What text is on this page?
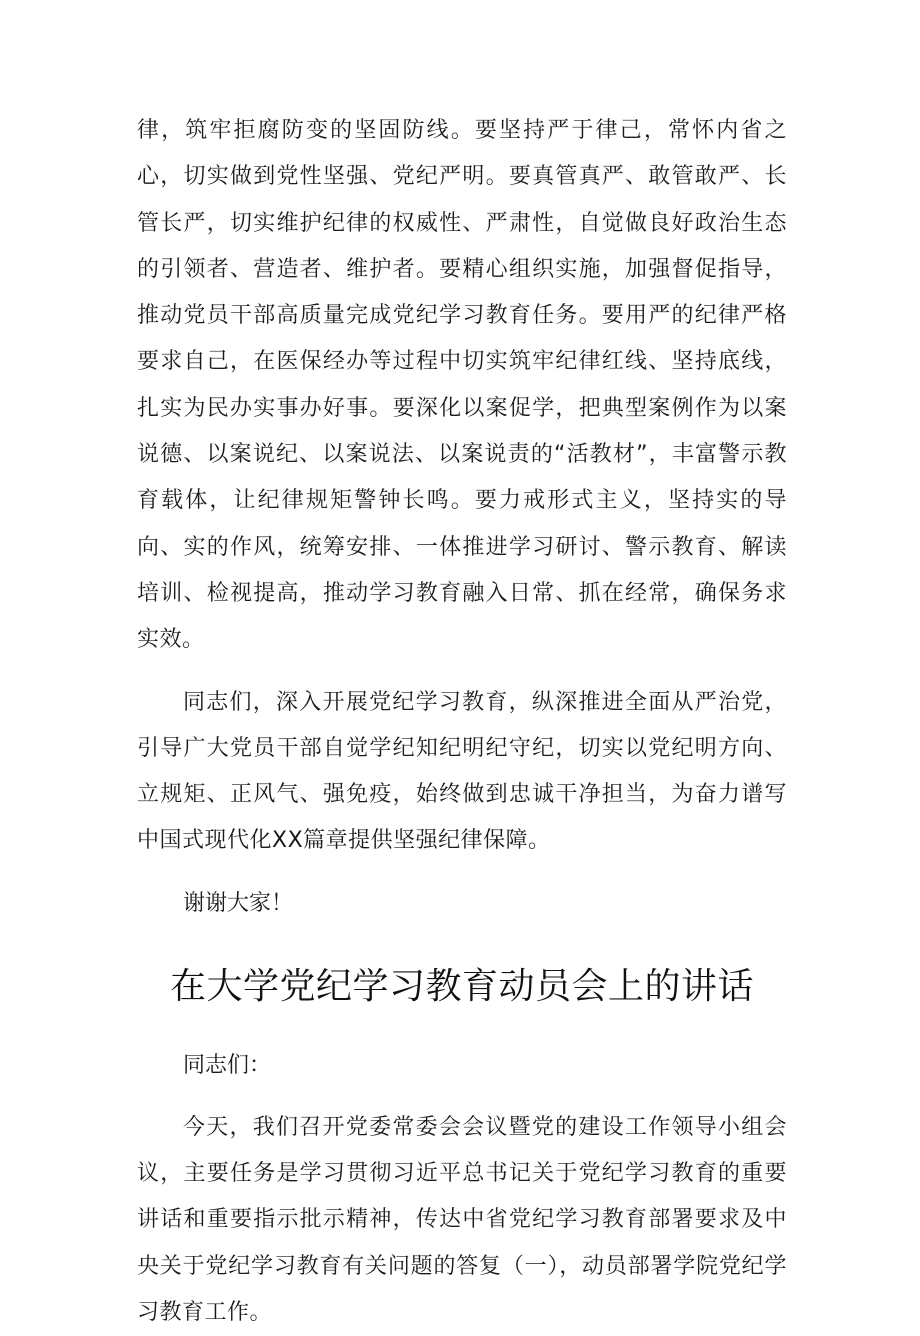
律，筑牢拒腐防变的坚固防线。要坚持严于律己，常怀内省之心，切实做到党性坚强、党纪严明。要真管真严、敢管敢严、长管长严，切实维护纪律的权威性、严肃性，自觉做良好政治生态的引领者、营造者、维护者。要精心组织实施，加强督促指导，推动党员干部高质量完成党纪学习教育任务。要用严的纪律严格要求自己，在医保经办等过程中切实筑牢纪律红线、坚持底线，扎实为民办实事办好事。要深化以案促学，把典型案例作为以案说德、以案说纪、以案说法、以案说责的“活教材”，丰富警示教育载体，让纪律规矩警钟长鸣。要力戒形式主义，坚持实的导向、实的作风，统筹安排、一体推进学习研讨、警示教育、解读培训、检视提高，推动学习教育融入日常、抓在经常，确保务求实效。

同志们，深入开展党纪学习教育，纵深推进全面从严治党，引导广大党员干部自觉学纪知纪明纪守纪，切实以党纪明方向、立规矩、正风气、强免疫，始终做到忠诚干净担当，为奋力谱写中国式现代化XX篇章提供坚强纪律保障。

谢谢大家！
在大学党纪学习教育动员会上的讲话
同志们：

今天，我们召开党委常委会会议暨党的建设工作领导小组会议，主要任务是学习贯彻习近平总书记关于党纪学习教育的重要讲话和重要指示批示精神，传达中省党纪学习教育部署要求及中央关于党纪学习教育有关问题的答复（一），动员部署学院党纪学习教育工作。
